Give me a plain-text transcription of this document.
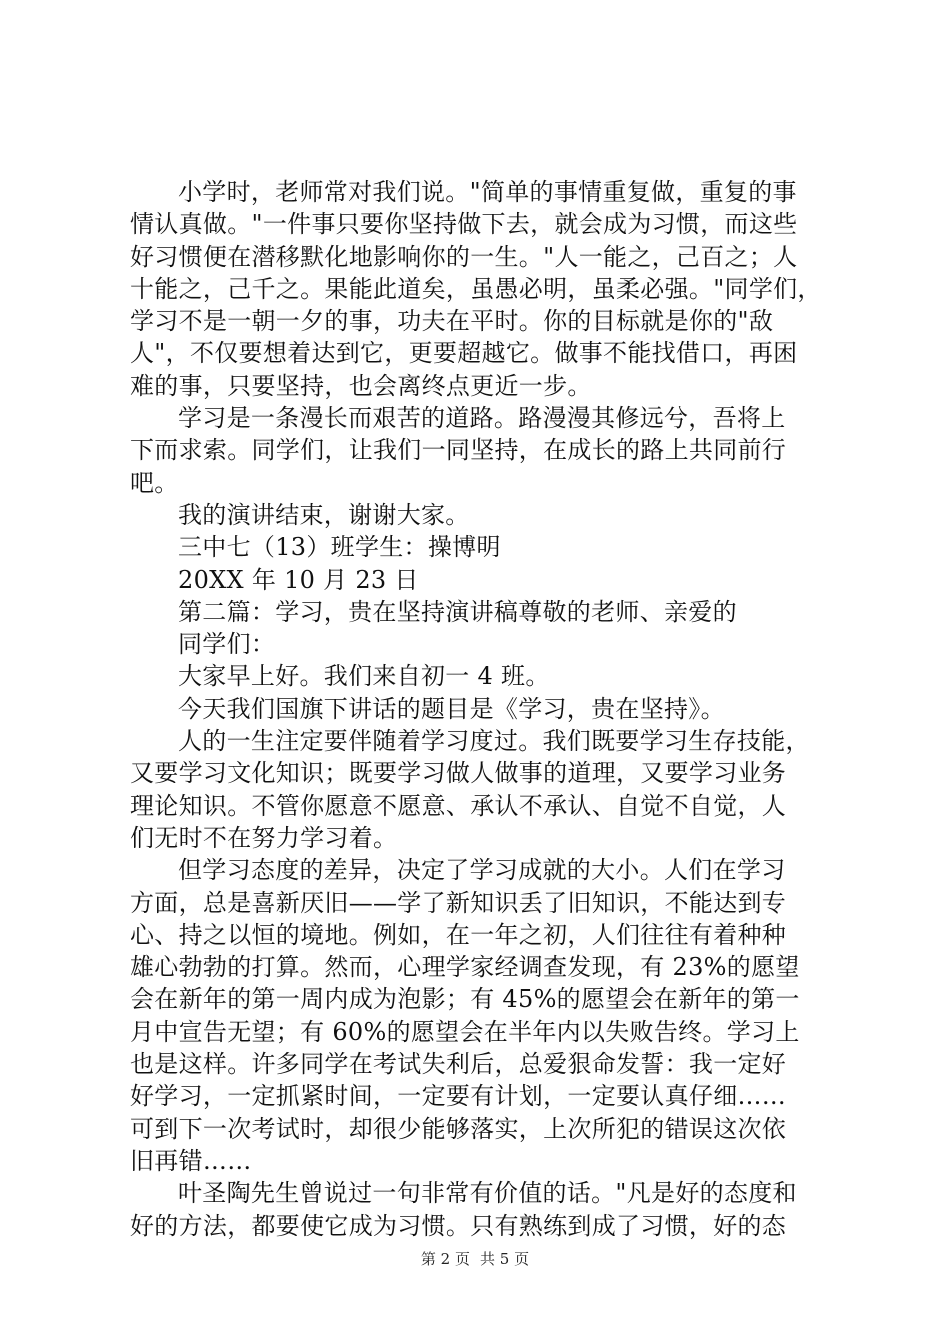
小学时，老师常对我们说。"简单的事情重复做，重复的事
情认真做。"一件事只要你坚持做下去，就会成为习惯，而这些
好习惯便在潜移默化地影响你的一生。"人一能之，己百之；人
十能之，己千之。果能此道矣，虽愚必明，虽柔必强。"同学们，
学习不是一朝一夕的事，功夫在平时。你的目标就是你的"敌
人"，不仅要想着达到它，更要超越它。做事不能找借口，再困
难的事，只要坚持，也会离终点更近一步。
学习是一条漫长而艰苦的道路。路漫漫其修远兮，吾将上
下而求索。同学们，让我们一同坚持，在成长的路上共同前行
吧。
我的演讲结束，谢谢大家。
三中七（13）班学生：操博明
20XX 年 10 月 23 日
第二篇：学习，贵在坚持演讲稿尊敬的老师、亲爱的
同学们：
大家早上好。我们来自初一 4 班。
今天我们国旗下讲话的题目是《学习，贵在坚持》。
人的一生注定要伴随着学习度过。我们既要学习生存技能，
又要学习文化知识；既要学习做人做事的道理，又要学习业务
理论知识。不管你愿意不愿意、承认不承认、自觉不自觉，人
们无时不在努力学习着。
但学习态度的差异，决定了学习成就的大小。人们在学习
方面，总是喜新厌旧——学了新知识丢了旧知识，不能达到专
心、持之以恒的境地。例如，在一年之初，人们往往有着种种
雄心勃勃的打算。然而，心理学家经调查发现，有 23%的愿望
会在新年的第一周内成为泡影；有 45%的愿望会在新年的第一
月中宣告无望；有 60%的愿望会在半年内以失败告终。学习上
也是这样。许多同学在考试失利后，总爱狠命发誓：我一定好
好学习，一定抓紧时间，一定要有计划，一定要认真仔细……
可到下一次考试时，却很少能够落实，上次所犯的错误这次依
旧再错……
叶圣陶先生曾说过一句非常有价值的话。"凡是好的态度和
好的方法，都要使它成为习惯。只有熟练到成了习惯，好的态
第 2 页 共 5 页
